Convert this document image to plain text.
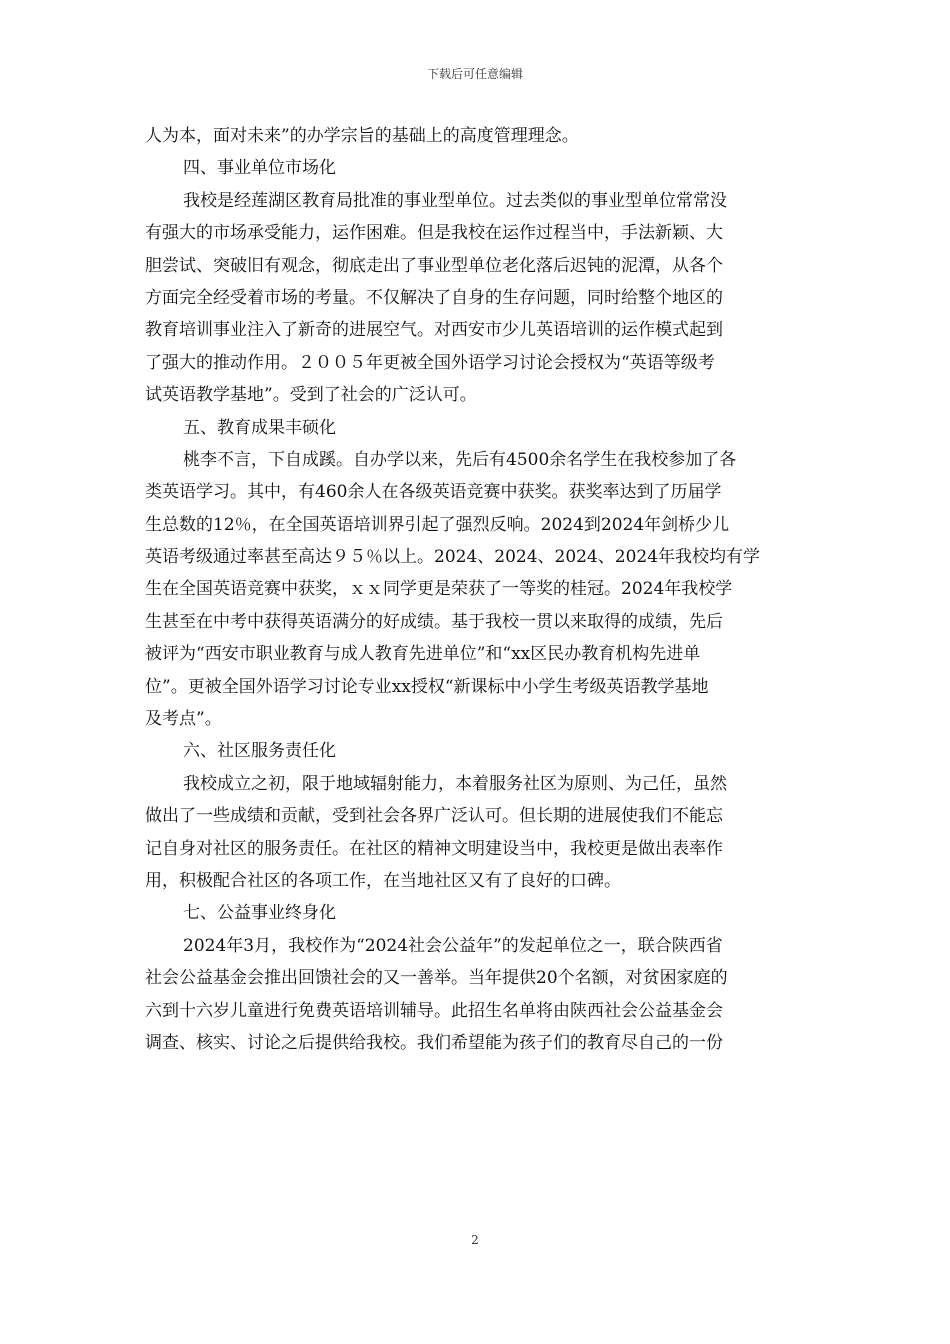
下载后可任意编辑
人为本，面对未来”的办学宗旨的基础上的高度管理理念。
四、事业单位市场化
我校是经莲湖区教育局批准的事业型单位。过去类似的事业型单位常常没
有强大的市场承受能力，运作困难。但是我校在运作过程当中，手法新颖、大
胆尝试、突破旧有观念，彻底走出了事业型单位老化落后迟钝的泥潭，从各个
方面完全经受着市场的考量。不仅解决了自身的生存问题，同时给整个地区的
教育培训事业注入了新奇的进展空气。对西安市少儿英语培训的运作模式起到
了强大的推动作用。２００５年更被全国外语学习讨论会授权为“英语等级考
试英语教学基地”。受到了社会的广泛认可。
五、教育成果丰硕化
桃李不言，下自成蹊。自办学以来，先后有4500余名学生在我校参加了各
类英语学习。其中，有460余人在各级英语竞赛中获奖。获奖率达到了历届学
生总数的12％，在全国英语培训界引起了强烈反响。2024到2024年剑桥少儿
英语考级通过率甚至高达９５％以上。2024、2024、2024、2024年我校均有学
生在全国英语竞赛中获奖，ｘｘ同学更是荣获了一等奖的桂冠。2024年我校学
生甚至在中考中获得英语满分的好成绩。基于我校一贯以来取得的成绩，先后
被评为“西安市职业教育与成人教育先进单位”和“xx区民办教育机构先进单
位”。更被全国外语学习讨论专业xx授权“新课标中小学生考级英语教学基地
及考点”。
六、社区服务责任化
我校成立之初，限于地域辐射能力，本着服务社区为原则、为己任，虽然
做出了一些成绩和贡献，受到社会各界广泛认可。但长期的进展使我们不能忘
记自身对社区的服务责任。在社区的精神文明建设当中，我校更是做出表率作
用，积极配合社区的各项工作，在当地社区又有了良好的口碑。
七、公益事业终身化
2024年3月，我校作为“2024社会公益年”的发起单位之一，联合陕西省
社会公益基金会推出回馈社会的又一善举。当年提供20个名额，对贫困家庭的
六到十六岁儿童进行免费英语培训辅导。此招生名单将由陕西社会公益基金会
调查、核实、讨论之后提供给我校。我们希望能为孩子们的教育尽自己的一份
2
